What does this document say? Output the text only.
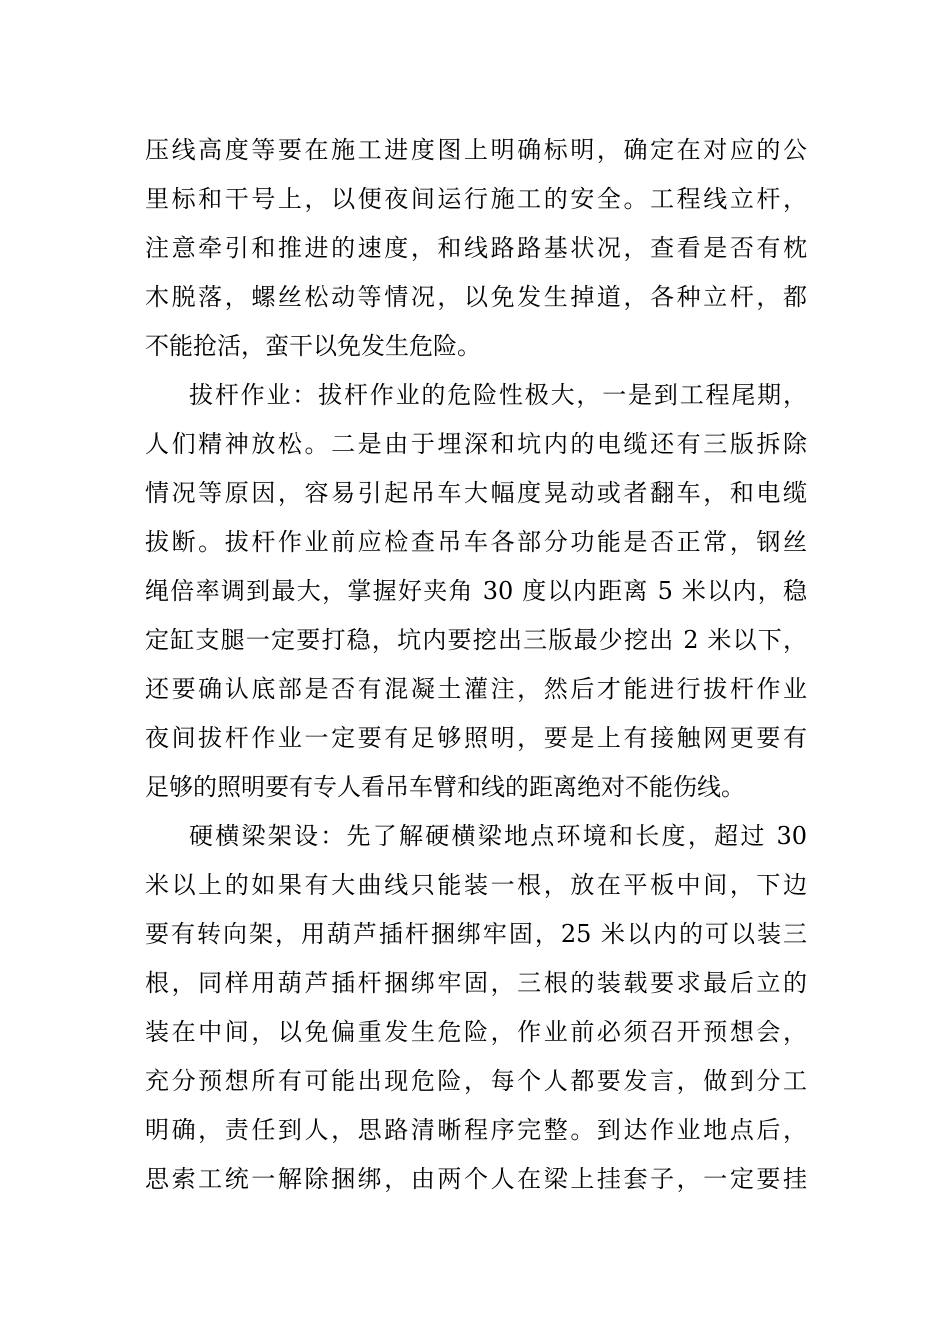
压线高度等要在施工进度图上明确标明，确定在对应的公
里标和干号上，以便夜间运行施工的安全。工程线立杆，
注意牵引和推进的速度，和线路路基状况，查看是否有枕
木脱落，螺丝松动等情况，以免发生掉道，各种立杆，都
不能抢活，蛮干以免发生危险。
拔杆作业：拔杆作业的危险性极大，一是到工程尾期，
人们精神放松。二是由于埋深和坑内的电缆还有三版拆除
情况等原因，容易引起吊车大幅度晃动或者翻车，和电缆
拔断。拔杆作业前应检查吊车各部分功能是否正常，钢丝
绳倍率调到最大，掌握好夹角 30 度以内距离 5 米以内，稳
定缸支腿一定要打稳，坑内要挖出三版最少挖出 2 米以下，
还要确认底部是否有混凝土灌注，然后才能进行拔杆作业
夜间拔杆作业一定要有足够照明，要是上有接触网更要有
足够的照明要有专人看吊车臂和线的距离绝对不能伤线。
硬横梁架设：先了解硬横梁地点环境和长度，超过 30
米以上的如果有大曲线只能装一根，放在平板中间，下边
要有转向架，用葫芦插杆捆绑牢固，25 米以内的可以装三
根，同样用葫芦插杆捆绑牢固，三根的装载要求最后立的
装在中间，以免偏重发生危险，作业前必须召开预想会，
充分预想所有可能出现危险，每个人都要发言，做到分工
明确，责任到人，思路清晰程序完整。到达作业地点后，
思索工统一解除捆绑，由两个人在梁上挂套子，一定要挂
